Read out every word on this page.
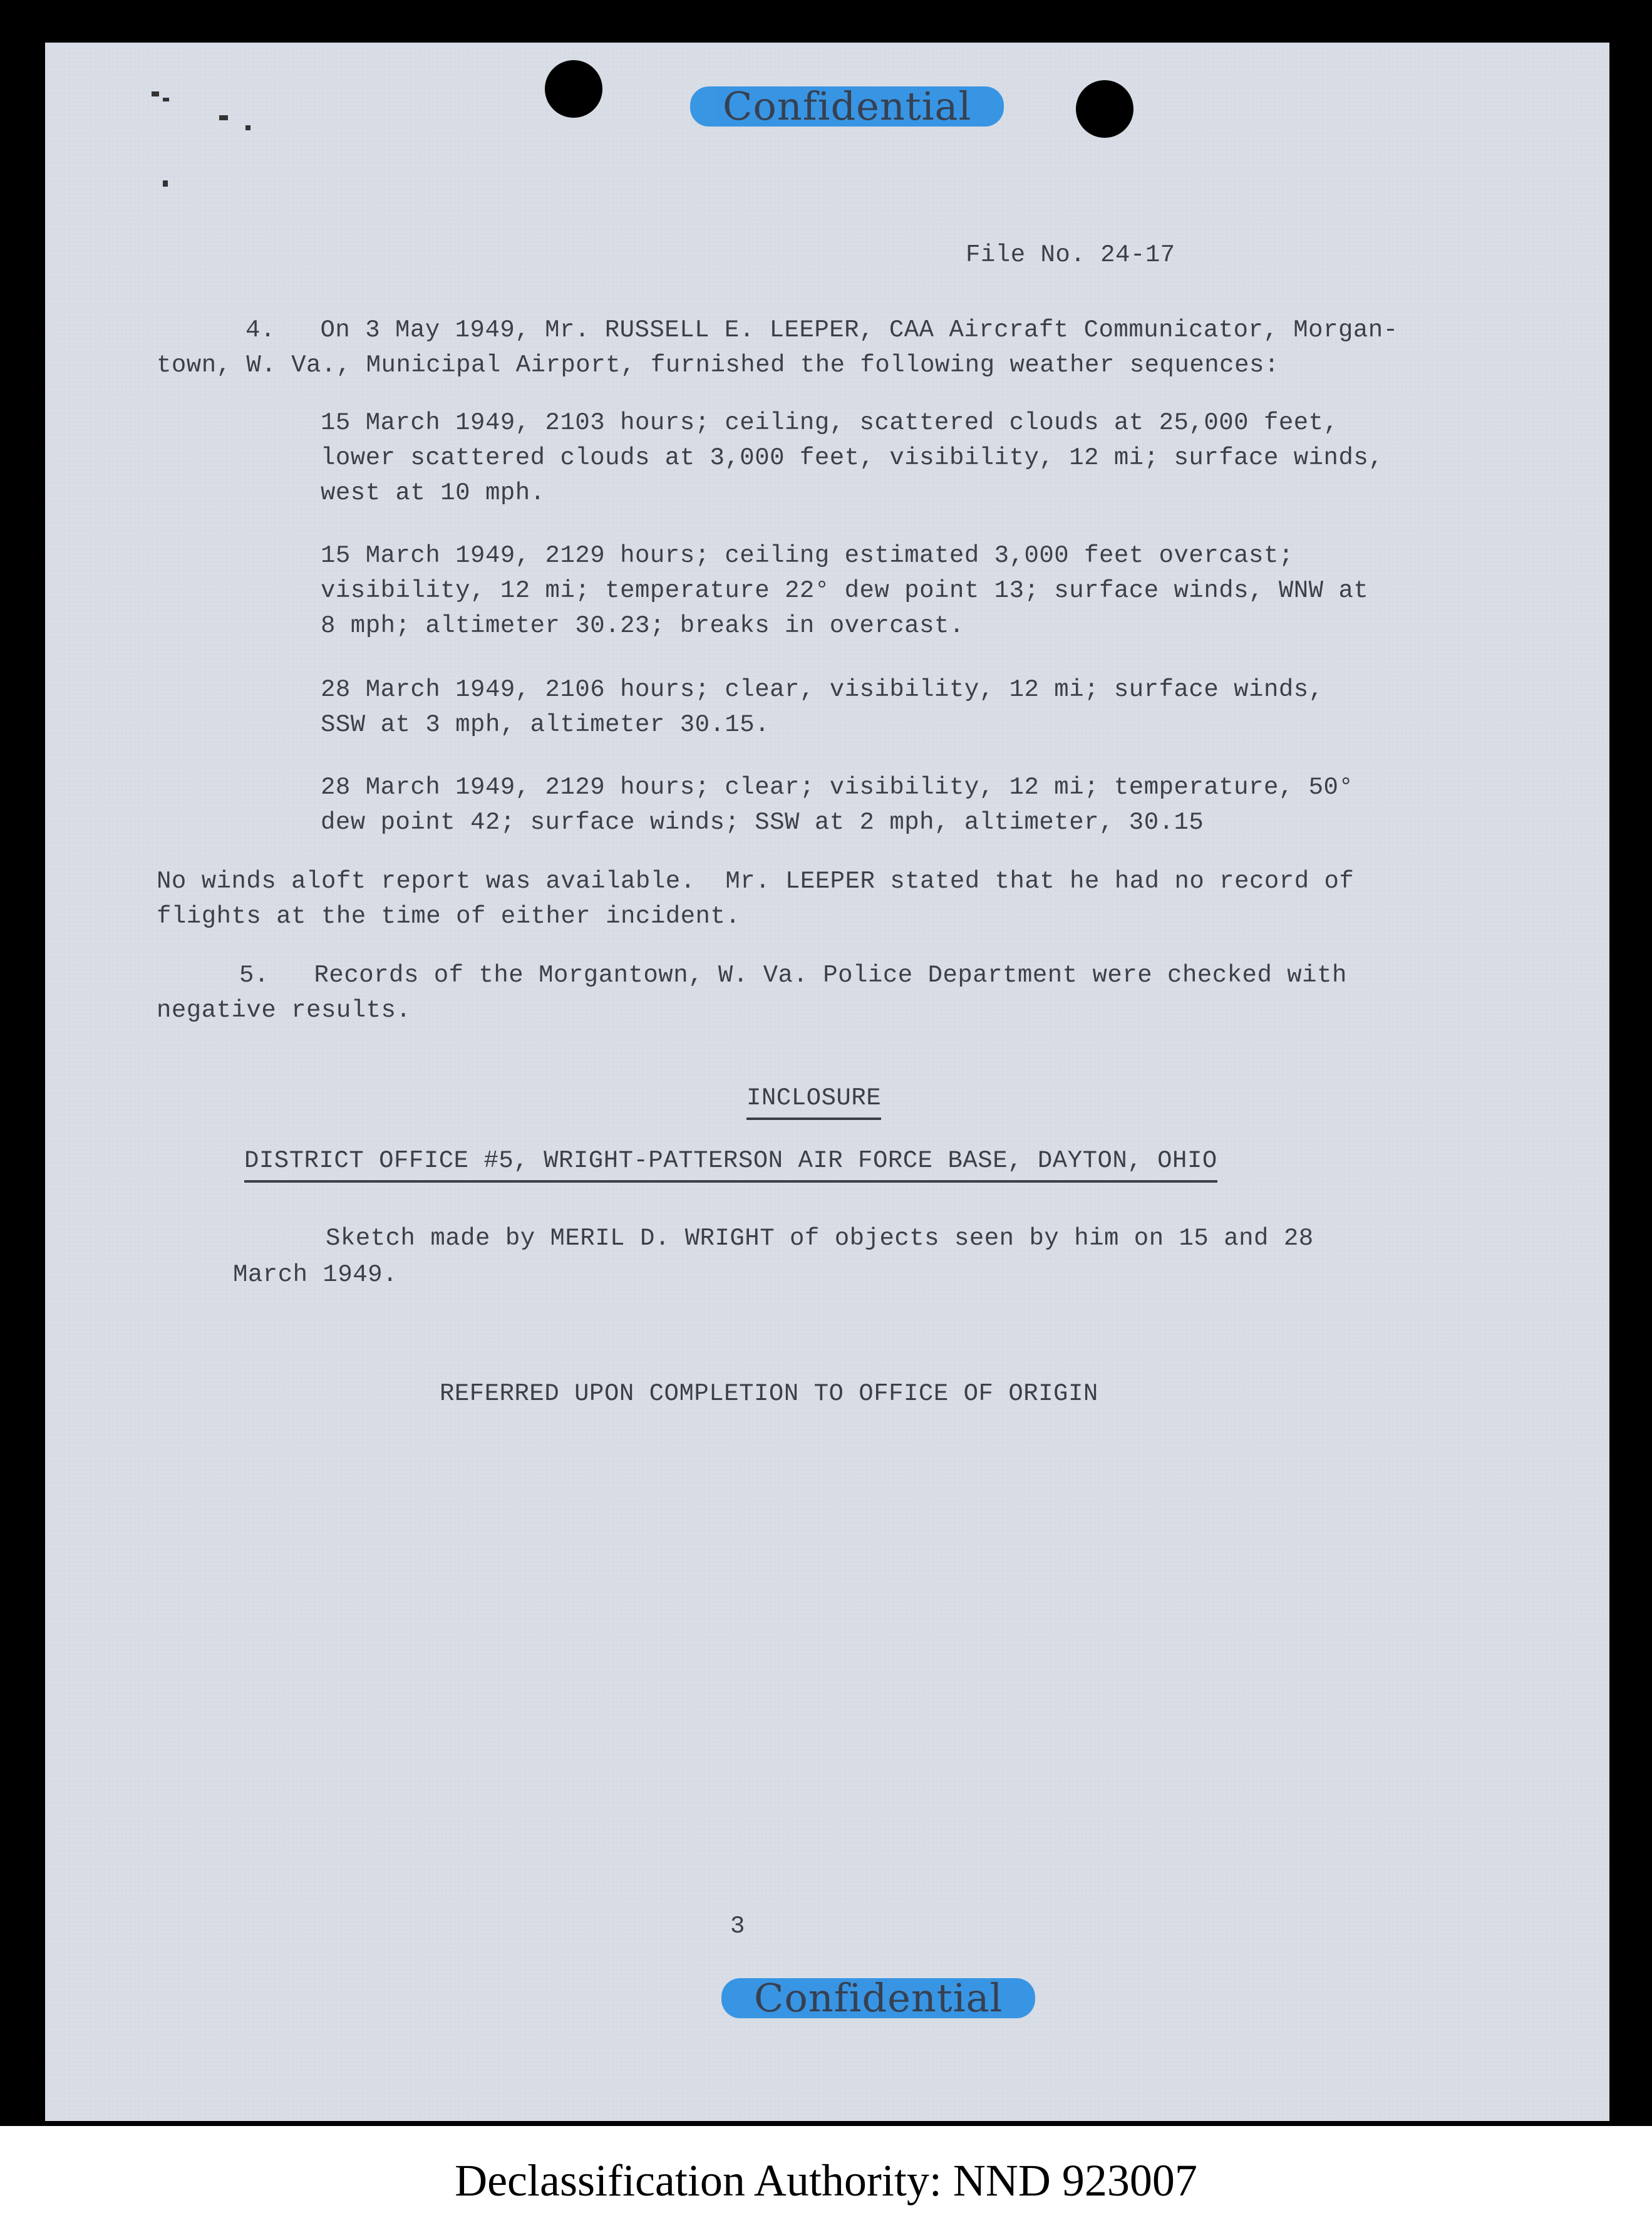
Confidential
File No. 24-17
4.   On 3 May 1949, Mr. RUSSELL E. LEEPER, CAA Aircraft Communicator, Morgan-
town, W. Va., Municipal Airport, furnished the following weather sequences:
15 March 1949, 2103 hours; ceiling, scattered clouds at 25,000 feet,
lower scattered clouds at 3,000 feet, visibility, 12 mi; surface winds,
west at 10 mph.
15 March 1949, 2129 hours; ceiling estimated 3,000 feet overcast;
visibility, 12 mi; temperature 22° dew point 13; surface winds, WNW at
8 mph; altimeter 30.23; breaks in overcast.
28 March 1949, 2106 hours; clear, visibility, 12 mi; surface winds,
SSW at 3 mph, altimeter 30.15.
28 March 1949, 2129 hours; clear; visibility, 12 mi; temperature, 50°
dew point 42; surface winds; SSW at 2 mph, altimeter, 30.15
No winds aloft report was available.  Mr. LEEPER stated that he had no record of
flights at the time of either incident.
5.   Records of the Morgantown, W. Va. Police Department were checked with
negative results.
INCLOSURE
DISTRICT OFFICE #5, WRIGHT-PATTERSON AIR FORCE BASE, DAYTON, OHIO
Sketch made by MERIL D. WRIGHT of objects seen by him on 15 and 28
March 1949.
REFERRED UPON COMPLETION TO OFFICE OF ORIGIN
3
Confidential
Declassification Authority: NND 923007
